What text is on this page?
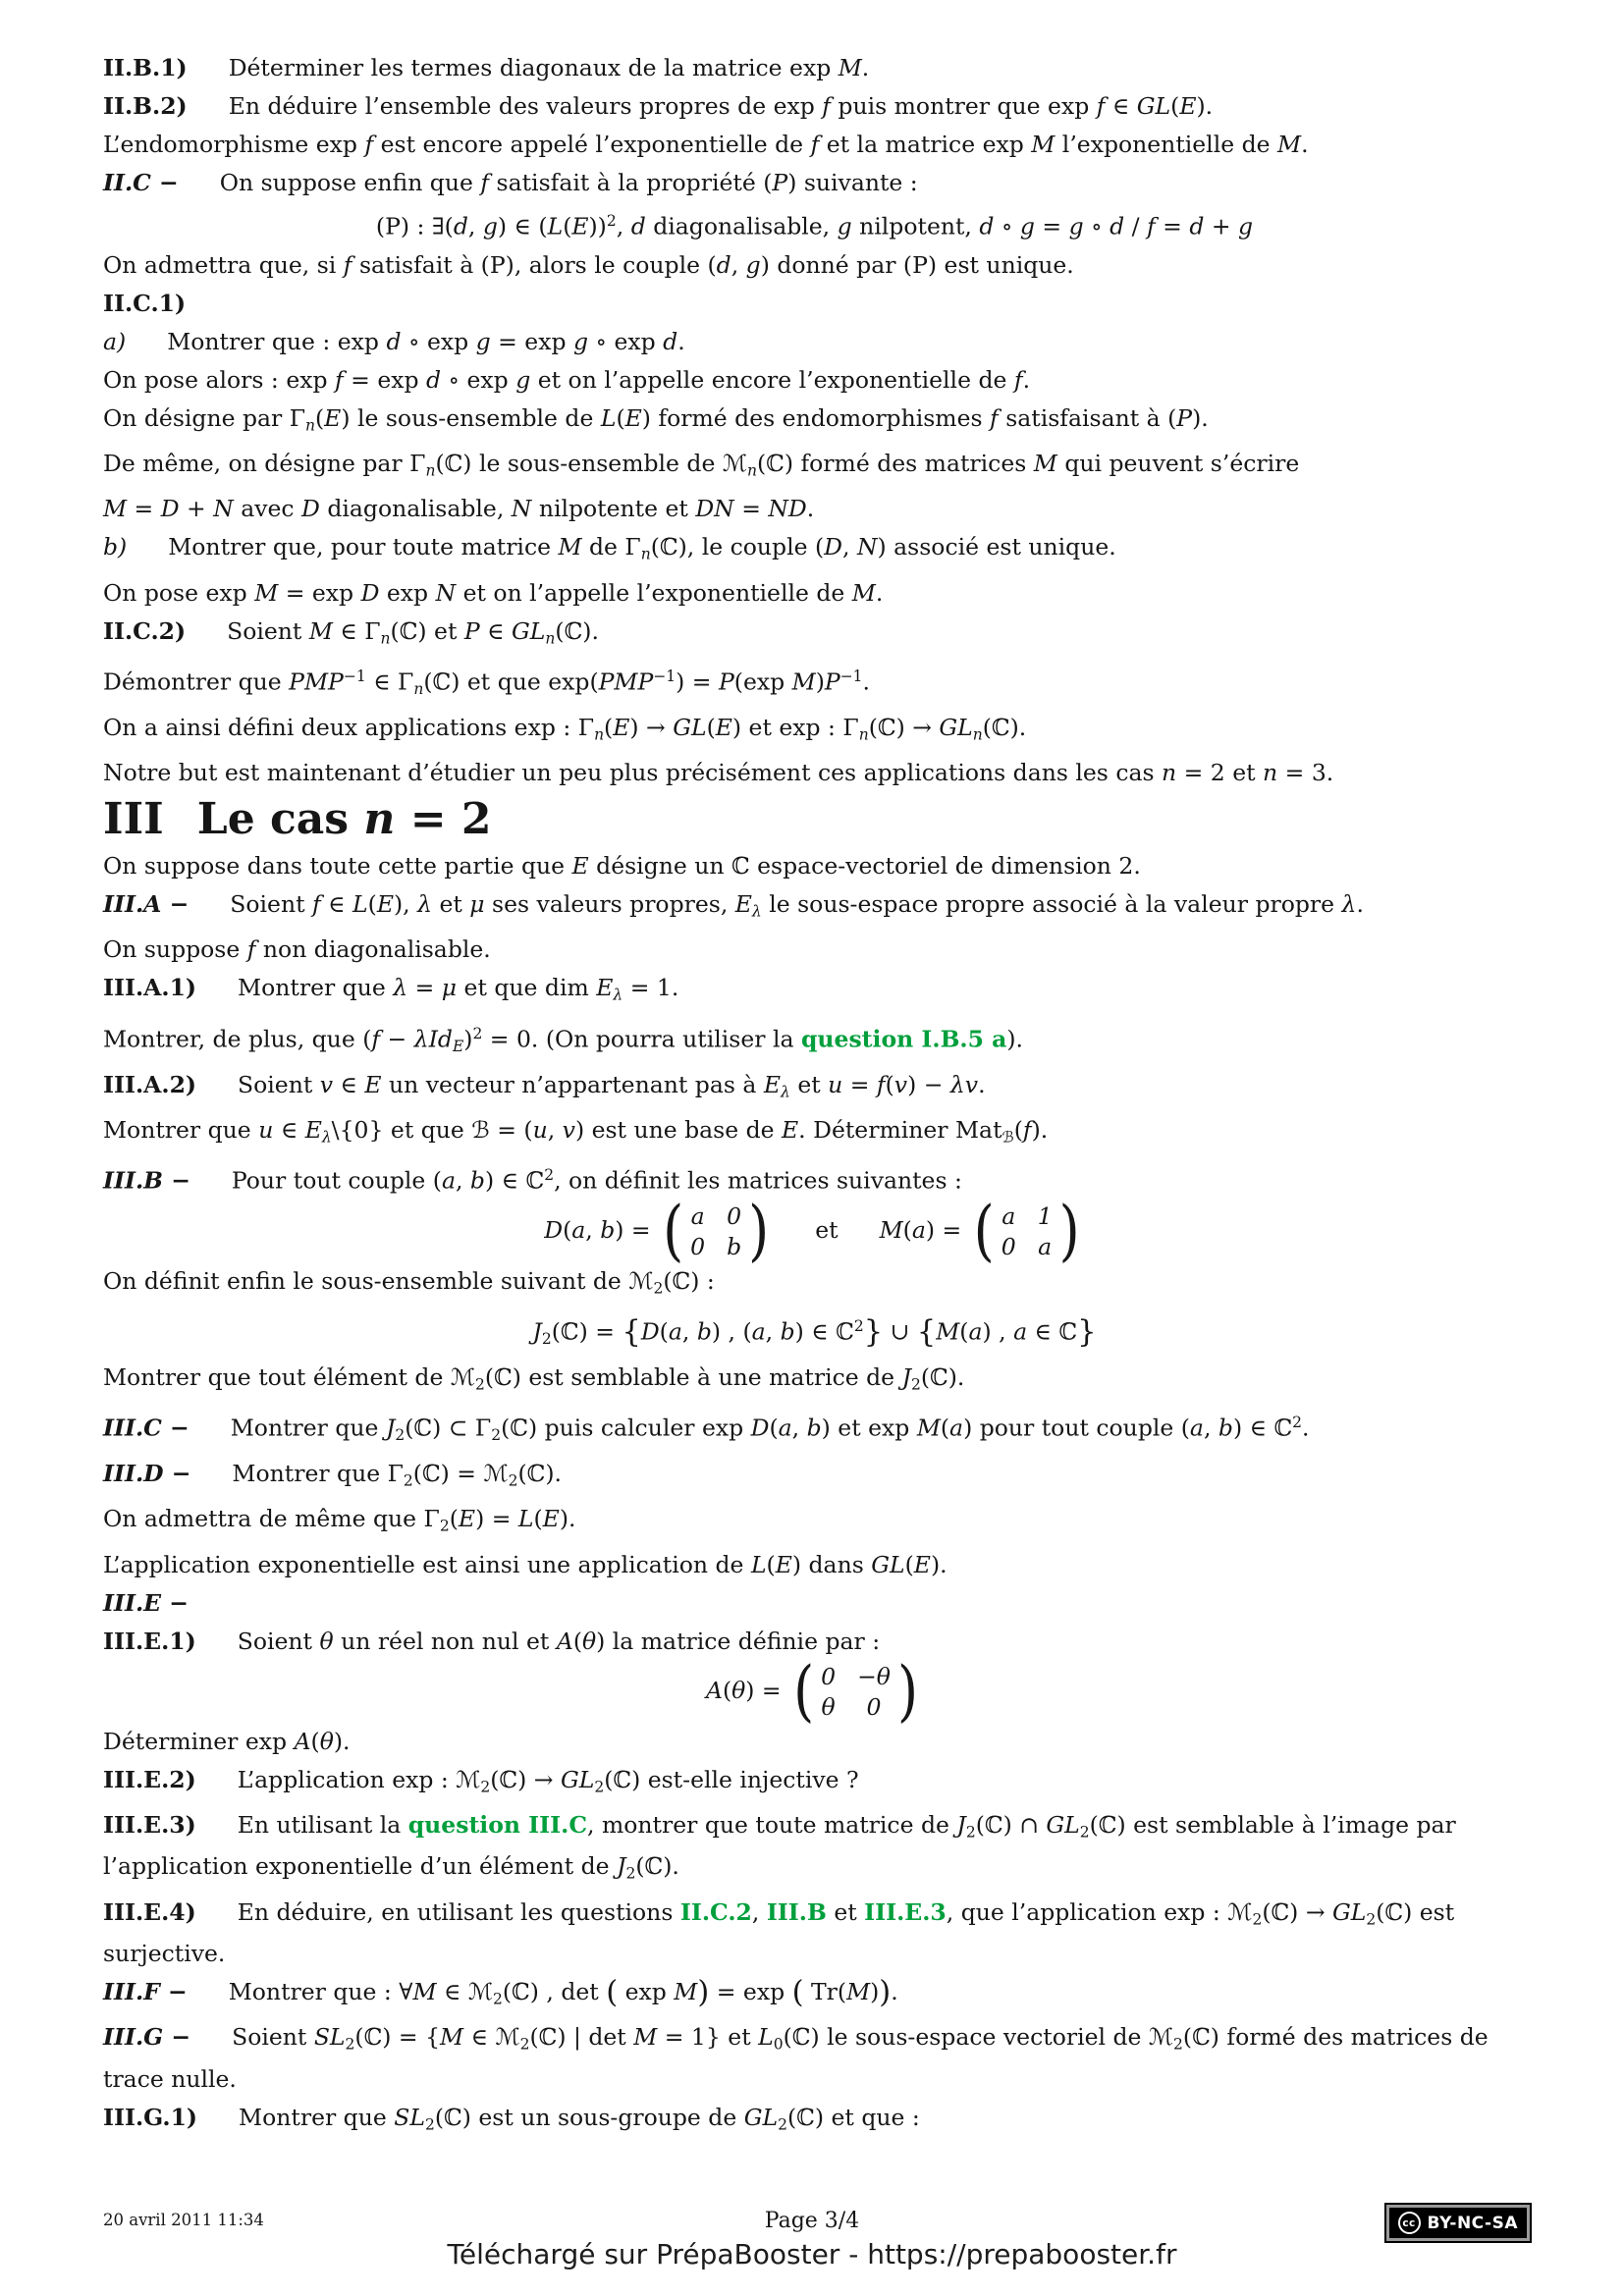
II.B.1) Déterminer les termes diagonaux de la matrice exp M.

II.B.2) En déduire l’ensemble des valeurs propres de exp f puis montrer que exp f ∈ GL(E).

L’endomorphisme exp f est encore appelé l’exponentielle de f et la matrice exp M l’exponentielle de M.

II.C − On suppose enfin que f satisfait à la propriété (P) suivante :

(P) : ∃(d, g) ∈ $(L(E))^2$, d diagonalisable, g nilpotent, d ∘ g = g ∘ d / f = d + g

On admettra que, si f satisfait à (P), alors le couple (d, g) donné par (P) est unique.

II.C.1)

a) Montrer que : exp d ∘ exp g = exp g ∘ exp d.

On pose alors : exp f = exp d ∘ exp g et on l’appelle encore l’exponentielle de f.

On désigne par Γn(E) le sous-ensemble de L(E) formé des endomorphismes f satisfaisant à (P).

De même, on désigne par Γn(ℂ) le sous-ensemble de ℳn(ℂ) formé des matrices M qui peuvent s’écrire

M = D + N avec D diagonalisable, N nilpotente et DN = ND.

b) Montrer que, pour toute matrice M de Γn(ℂ), le couple (D, N) associé est unique.

On pose exp M = exp D exp N et on l’appelle l’exponentielle de M.

II.C.2) Soient M ∈ Γn(ℂ) et P ∈ GLn(ℂ).

Démontrer que $PMP^{-1}$ ∈ Γn(ℂ) et que $\exp(PMP^{-1}) = P(\exp$ $M)P^{-1}$.

On a ainsi défini deux applications exp : Γn(E) → GL(E) et exp : Γn(ℂ) → GLn(ℂ).

Notre but est maintenant d’étudier un peu plus précisément ces applications dans les cas n = 2 et n = 3.

III Le cas n = 2

On suppose dans toute cette partie que E désigne un ℂ espace-vectoriel de dimension 2.

III.A − Soient f ∈ L(E), λ et μ ses valeurs propres, Eλ le sous-espace propre associé à la valeur propre λ.

On suppose f non diagonalisable.

III.A.1) Montrer que λ = μ et que dim Eλ = 1.

Montrer, de plus, que $(f - \lambda IdE)^2 = 0$. (On pourra utiliser la question I.B.5 a).

III.A.2) Soient v ∈ E un vecteur n’appartenant pas à Eλ et u = f(v) − λv.

Montrer que u ∈ Eλ\{0} et que ℬ = (u, v) est une base de E. Déterminer Matℬ(f).

III.B − Pour tout couple (a, b) ∈ ℂ$^2$, on définit les matrices suivantes :

D(a, b) = ( a 0
0 b ) et M(a) = ( a 1
0 a )

On définit enfin le sous-ensemble suivant de ℳ2(ℂ) :

J2(ℂ) = {D(a, b) , (a, b) ∈ ℂ$^2$} ∪ {M(a) , a ∈ ℂ}

Montrer que tout élément de ℳ2(ℂ) est semblable à une matrice de J2(ℂ).

III.C − Montrer que J2(ℂ) ⊂ Γ2(ℂ) puis calculer exp D(a, b) et exp M(a) pour tout couple (a, b) ∈ ℂ$^2$.

III.D − Montrer que Γ2(ℂ) = ℳ2(ℂ).

On admettra de même que Γ2(E) = L(E).

L’application exponentielle est ainsi une application de L(E) dans GL(E).

III.E −

III.E.1) Soient θ un réel non nul et A(θ) la matrice définie par :

A(θ) = ( 0 −θ
θ	0 )

Déterminer exp A(θ).

III.E.2) L’application exp : ℳ2(ℂ) → GL2(ℂ) est-elle injective ?

III.E.3) En utilisant la question III.C, montrer que toute matrice de J2(ℂ) ∩ GL2(ℂ) est semblable à l’image par l’application exponentielle d’un élément de J2(ℂ).

III.E.4) En déduire, en utilisant les questions II.C.2, III.B et III.E.3, que l’application exp : ℳ2(ℂ) → GL2(ℂ) est surjective.

III.F − Montrer que : ∀M ∈ ℳ2(ℂ) , det ( exp M) = exp ( Tr(M)).

III.G − Soient SL2(ℂ) = {M ∈ ℳ2(ℂ) | det M = 1} et L0(ℂ) le sous-espace vectoriel de ℳ2(ℂ) formé des matrices de trace nulle.

III.G.1) Montrer que SL2(ℂ) est un sous-groupe de GL2(ℂ) et que :

20 avril 2011 11:34	Page 3/4	cc BY-NC-SA
Téléchargé sur PrépaBooster - https://prepabooster.fr
